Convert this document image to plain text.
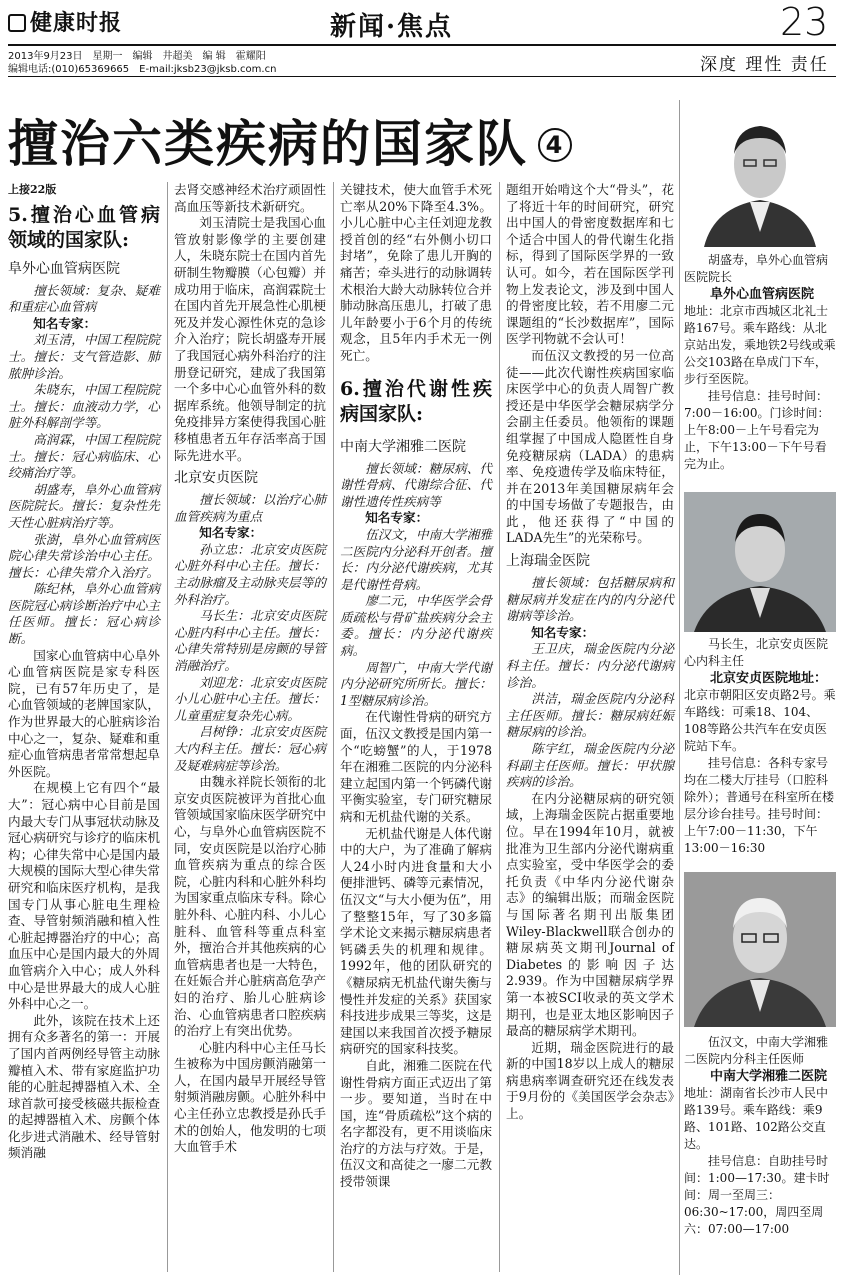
健康时报	新闻·焦点	23
2013年9月23日　星期一　编辑　井超美　编 辑　霍耀阳
编辑电话:(010)65369665　E-mail:jksb23@jksb.com.cn	深度 理性 责任
擅治六类疾病的国家队 4

上接22版

5.擅治心血管病领域的国家队:

阜外心血管病医院

擅长领域：复杂、疑难和重症心血管病

知名专家：

刘玉清，中国工程院院士。擅长：支气管造影、肺脓肿诊治。

朱晓东，中国工程院院士。擅长：血液动力学，心脏外科解剖学等。

高润霖，中国工程院院士。擅长：冠心病临床、心绞痛治疗等。

胡盛寿，阜外心血管病医院院长。擅长：复杂性先天性心脏病治疗等。

张澍，阜外心血管病医院心律失常诊治中心主任。擅长：心律失常介入治疗。

陈纪林，阜外心血管病医院冠心病诊断治疗中心主任医师。擅长：冠心病诊断。

国家心血管病中心阜外心血管病医院是家专科医院，已有57年历史了，是心血管领域的老牌国家队，作为世界最大的心脏病诊治中心之一，复杂、疑难和重症心血管病患者常常想起阜外医院。

在规模上它有四个“最大”：冠心病中心目前是国内最大专门从事冠状动脉及冠心病研究与诊疗的临床机构；心律失常中心是国内最大规模的国际大型心律失常研究和临床医疗机构，是我国专门从事心脏电生理检查、导管射频消融和植入性心脏起搏器治疗的中心；高血压中心是国内最大的外周血管病介入中心；成人外科中心是世界最大的成人心脏外科中心之一。

此外，该院在技术上还拥有众多著名的第一：开展了国内首两例经导管主动脉瓣植入术、带有家庭监护功能的心脏起搏器植入术、全球首款可接受核磁共振检查的起搏器植入术、房颤个体化步进式消融术、经导管射频消融

去肾交感神经术治疗顽固性高血压等新技术新研究。

刘玉清院士是我国心血管放射影像学的主要创建人，朱晓东院士在国内首先研制生物瓣膜（心包瓣）并成功用于临床，高润霖院士在国内首先开展急性心肌梗死及并发心源性休克的急诊介入治疗；院长胡盛寿开展了我国冠心病外科治疗的注册登记研究，建成了我国第一个多中心心血管外科的数据库系统。他领导制定的抗免疫排异方案使得我国心脏移植患者五年存活率高于国际先进水平。

北京安贞医院

擅长领域：以治疗心肺血管疾病为重点

知名专家：

孙立忠：北京安贞医院心脏外科中心主任。擅长：主动脉瘤及主动脉夹层等的外科治疗。

马长生：北京安贞医院心脏内科中心主任。擅长：心律失常特别是房颤的导管消融治疗。

刘迎龙：北京安贞医院小儿心脏中心主任。擅长：儿童重症复杂先心病。

吕树铮：北京安贞医院大内科主任。擅长：冠心病及疑难病症等诊治。

由魏永祥院长领衔的北京安贞医院被评为首批心血管领域国家临床医学研究中心，与阜外心血管病医院不同，安贞医院是以治疗心肺血管疾病为重点的综合医院，心脏内科和心脏外科均为国家重点临床专科。除心脏外科、心脏内科、小儿心脏科、血管科等重点科室外，擅治合并其他疾病的心血管病患者也是一大特色，在妊娠合并心脏病高危孕产妇的治疗、胎儿心脏病诊治、心血管病患者口腔疾病的治疗上有突出优势。

心脏内科中心主任马长生被称为中国房颤消融第一人，在国内最早开展经导管射频消融房颤。心脏外科中心主任孙立忠教授是孙氏手术的创始人，他发明的七项大血管手术

关键技术，使大血管手术死亡率从20%下降至4.3%。小儿心脏中心主任刘迎龙教授首创的经“右外侧小切口封堵”，免除了患儿开胸的痛苦；牵头进行的动脉调转术根治大龄大动脉转位合并肺动脉高压患儿，打破了患儿年龄要小于6个月的传统观念，且5年内手术无一例死亡。

6.擅治代谢性疾病国家队:

中南大学湘雅二医院

擅长领域：糖尿病、代谢性骨病、代谢综合征、代谢性遗传性疾病等

知名专家：

伍汉文，中南大学湘雅二医院内分泌科开创者。擅长：内分泌代谢疾病，尤其是代谢性骨病。

廖二元，中华医学会骨质疏松与骨矿盐疾病分会主委。擅长：内分泌代谢疾病。

周智广，中南大学代谢内分泌研究所所长。擅长：1型糖尿病诊治。

在代谢性骨病的研究方面，伍汉文教授是国内第一个“吃螃蟹”的人，于1978年在湘雅二医院的内分泌科建立起国内第一个钙磷代谢平衡实验室，专门研究糖尿病和无机盐代谢的关系。

无机盐代谢是人体代谢中的大户，为了准确了解病人24小时内进食量和大小便排泄钙、磷等元素情况，伍汉文“与大小便为伍”，用了整整15年，写了30多篇学术论文来揭示糖尿病患者钙磷丢失的机理和规律。1992年，他的团队研究的《糖尿病无机盐代谢失衡与慢性并发症的关系》获国家科技进步成果三等奖，这是建国以来我国首次授予糖尿病研究的国家科技奖。

自此，湘雅二医院在代谢性骨病方面正式迈出了第一步。要知道，当时在中国，连“骨质疏松”这个病的名字都没有，更不用谈临床治疗的方法与疗效。于是，伍汉文和高徒之一廖二元教授带领课

题组开始啃这个大“骨头”，花了将近十年的时间研究，研究出中国人的骨密度数据库和七个适合中国人的骨代谢生化指标，得到了国际医学界的一致认可。如今，若在国际医学刊物上发表论文，涉及到中国人的骨密度比较，若不用廖二元课题组的“长沙数据库”，国际医学刊物就不会认可！

而伍汉文教授的另一位高徒——此次代谢性疾病国家临床医学中心的负责人周智广教授还是中华医学会糖尿病学分会副主任委员。他领衔的课题组掌握了中国成人隐匿性自身免疫糖尿病（LADA）的患病率、免疫遗传学及临床特征，并在2013年美国糖尿病年会的中国专场做了专题报告，由此，他还获得了“中国的LADA先生”的光荣称号。

上海瑞金医院

擅长领域：包括糖尿病和糖尿病并发症在内的内分泌代谢病等诊治。

知名专家：

王卫庆，瑞金医院内分泌科主任。擅长：内分泌代谢病诊治。

洪洁，瑞金医院内分泌科主任医师。擅长：糖尿病妊娠糖尿病的诊治。

陈宇红，瑞金医院内分泌科副主任医师。擅长：甲状腺疾病的诊治。

在内分泌糖尿病的研究领域，上海瑞金医院占据重要地位。早在1994年10月，就被批准为卫生部内分泌代谢病重点实验室，受中华医学会的委托负责《中华内分泌代谢杂志》的编辑出版；而瑞金医院与国际著名期刊出版集团Wiley-Blackwell联合创办的糖尿病英文期刊Journal of Diabetes的影响因子达2.939。作为中国糖尿病学界第一本被SCI收录的英文学术期刊，也是亚太地区影响因子最高的糖尿病学术期刊。

近期，瑞金医院进行的最新的中国18岁以上成人的糖尿病患病率调查研究还在线发表于9月份的《美国医学会杂志》上。

胡盛寿，阜外心血管病医院院长

阜外心血管病医院

地址：北京市西城区北礼士路167号。乘车路线：从北京站出发，乘地铁2号线或乘公交103路在阜成门下车，步行至医院。

挂号信息：挂号时间：7:00－16:00。门诊时间：上午8:00－上午号看完为止，下午13:00－下午号看完为止。

马长生，北京安贞医院心内科主任

北京安贞医院地址：

北京市朝阳区安贞路2号。乘车路线：可乘18、104、108等路公共汽车在安贞医院站下车。

挂号信息：各科专家号均在二楼大厅挂号（口腔科除外）；普通号在科室所在楼层分诊台挂号。挂号时间：上午7:00－11:30，下午13:00－16:30

伍汉文，中南大学湘雅二医院内分科主任医师

中南大学湘雅二医院

地址：湖南省长沙市人民中路139号。乘车路线：乘9路、101路、102路公交直达。

挂号信息：自助挂号时间：1:00—17:30。建卡时间：周一至周三：06:30~17:00，周四至周六：07:00—17:00
